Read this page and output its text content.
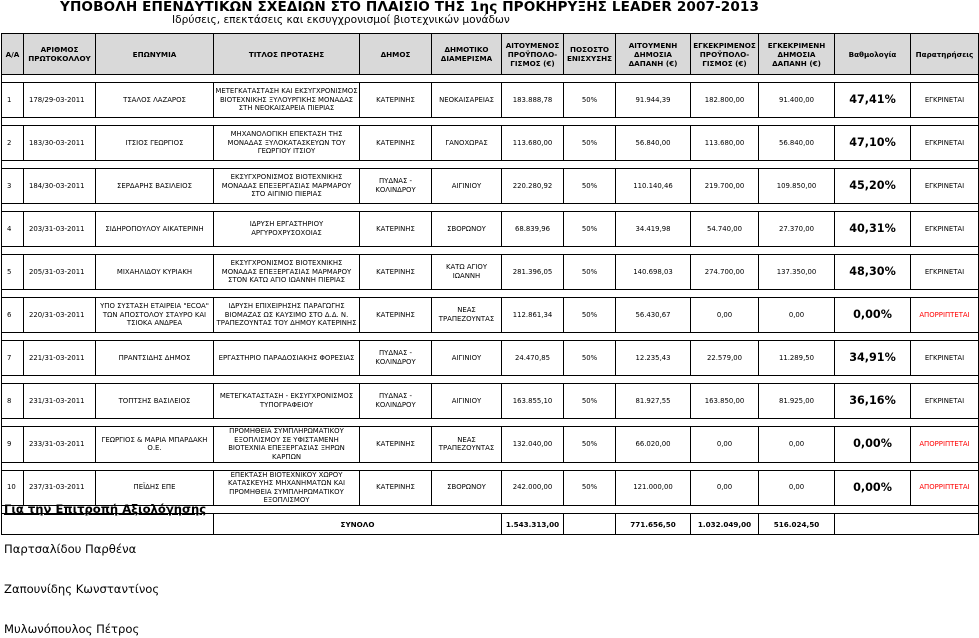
ΥΠΟΒΟΛΗ ΕΠΕΝΔΥΤΙΚΩΝ ΣΧΕΔΙΩΝ ΣΤΟ ΠΛΑΙΣΙΟ ΤΗΣ 1ης ΠΡΟΚΗΡΥΞΗΣ LEADER 2007-2013
Ιδρύσεις, επεκτάσεις και εκσυγχρονισμοί βιοτεχνικών μονάδων
Α/Α	ΑΡΙΘΜΟΣ ΠΡΩΤΟΚΟΛΛΟΥ	ΕΠΩΝΥΜΙΑ	ΤΙΤΛΟΣ ΠΡΟΤΑΣΗΣ	ΔΗΜΟΣ	ΔΗΜΟΤΙΚΟ ΔΙΑΜΕΡΙΣΜΑ	ΑΙΤΟΥΜΕΝΟΣ ΠΡΟΫΠΟΛΟ-ΓΙΣΜΟΣ (€)	ΠΟΣΟΣΤΟ ΕΝΙΣΧΥΣΗΣ	ΑΙΤΟΥΜΕΝΗ ΔΗΜΟΣΙΑ ΔΑΠΑΝΗ (€)	ΕΓΚΕΚΡΙΜΕΝΟΣ ΠΡΟΫΠΟΛΟ-ΓΙΣΜΟΣ (€)	ΕΓΚΕΚΡΙΜΕΝΗ ΔΗΜΟΣΙΑ ΔΑΠΑΝΗ (€)	Βαθμολογία	Παρατηρήσεις

1	178/29-03-2011	ΤΣΑΛΟΣ ΛΑΖΑΡΟΣ	ΜΕΤΕΓΚΑΤΑΣΤΑΣΗ ΚΑΙ ΕΚΣΥΓΧΡΟΝΙΣΜΟΣ ΒΙΟΤΕΧΝΙΚΗΣ ΞΥΛΟΥΡΓΙΚΗΣ ΜΟΝΑΔΑΣ ΣΤΗ ΝΕΟΚΑΙΣΑΡΕΙΑ ΠΙΕΡΙΑΣ	ΚΑΤΕΡΙΝΗΣ	ΝΕΟΚΑΙΣΑΡΕΙΑΣ	183.888,78	50%	91.944,39	182.800,00	91.400,00	47,41%	ΕΓΚΡΙΝΕΤΑΙ

2	183/30-03-2011	ΙΤΣΙΟΣ ΓΕΩΡΓΙΟΣ	ΜΗΧΑΝΟΛΟΓΙΚΗ ΕΠΕΚΤΑΣΗ ΤΗΣ ΜΟΝΑΔΑΣ ΞΥΛΟΚΑΤΑΣΚΕΥΩΝ ΤΟΥ ΓΕΩΡΓΙΟΥ ΙΤΣΙΟΥ	ΚΑΤΕΡΙΝΗΣ	ΓΑΝΟΧΩΡΑΣ	113.680,00	50%	56.840,00	113.680,00	56.840,00	47,10%	ΕΓΚΡΙΝΕΤΑΙ

3	184/30-03-2011	ΣΕΡΔΑΡΗΣ ΒΑΣΙΛΕΙΟΣ	ΕΚΣΥΓΧΡΟΝΙΣΜΟΣ ΒΙΟΤΕΧΝΙΚΗΣ ΜΟΝΑΔΑΣ ΕΠΕΞΕΡΓΑΣΙΑΣ ΜΑΡΜΑΡΟΥ ΣΤΟ ΑΙΓΙΝΙΟ ΠΙΕΡΙΑΣ	ΠΥΔΝΑΣ - ΚΟΛΙΝΔΡΟΥ	ΑΙΓΙΝΙΟΥ	220.280,92	50%	110.140,46	219.700,00	109.850,00	45,20%	ΕΓΚΡΙΝΕΤΑΙ

4	203/31-03-2011	ΣΙΔΗΡΟΠΟΥΛΟΥ ΑΙΚΑΤΕΡΙΝΗ	ΙΔΡΥΣΗ ΕΡΓΑΣΤΗΡΙΟΥ ΑΡΓΥΡΟΧΡΥΣΟΧΟΙΑΣ	ΚΑΤΕΡΙΝΗΣ	ΣΒΟΡΩΝΟΥ	68.839,96	50%	34.419,98	54.740,00	27.370,00	40,31%	ΕΓΚΡΙΝΕΤΑΙ

5	205/31-03-2011	ΜΙΧΑΗΛΙΔΟΥ ΚΥΡΙΑΚΗ	ΕΚΣΥΓΧΡΟΝΙΣΜΟΣ ΒΙΟΤΕΧΝΙΚΗΣ ΜΟΝΑΔΑΣ ΕΠΕΞΕΡΓΑΣΙΑΣ ΜΑΡΜΑΡΟΥ ΣΤΟΝ ΚΑΤΩ ΑΓΙΟ ΙΩΑΝΝΗ ΠΙΕΡΙΑΣ	ΚΑΤΕΡΙΝΗΣ	ΚΑΤΩ ΑΓΙΟΥ ΙΩΑΝΝΗ	281.396,05	50%	140.698,03	274.700,00	137.350,00	48,30%	ΕΓΚΡΙΝΕΤΑΙ

6	220/31-03-2011	ΥΠΟ ΣΥΣΤΑΣΗ ΕΤΑΙΡΕΙΑ "ECOA" ΤΩΝ ΑΠΟΣΤΟΛΟΥ ΣΤΑΥΡΟ ΚΑΙ ΤΣΙΟΚΑ ΑΝΔΡΕΑ	ΙΔΡΥΣΗ ΕΠΙΧΕΙΡΗΣΗΣ ΠΑΡΑΓΩΓΗΣ ΒΙΟΜΑΖΑΣ ΩΣ ΚΑΥΣΙΜΟ ΣΤΟ Δ.Δ. Ν. ΤΡΑΠΕΖΟΥΝΤΑΣ ΤΟΥ ΔΗΜΟΥ ΚΑΤΕΡΙΝΗΣ	ΚΑΤΕΡΙΝΗΣ	ΝΕΑΣ ΤΡΑΠΕΖΟΥΝΤΑΣ	112.861,34	50%	56.430,67	0,00	0,00	0,00%	ΑΠΟΡΡΙΠΤΕΤΑΙ

7	221/31-03-2011	ΠΡΑΝΤΣΙΔΗΣ ΔΗΜΟΣ	ΕΡΓΑΣΤΗΡΙΟ ΠΑΡΑΔΟΣΙΑΚΗΣ ΦΟΡΕΣΙΑΣ	ΠΥΔΝΑΣ - ΚΟΛΙΝΔΡΟΥ	ΑΙΓΙΝΙΟΥ	24.470,85	50%	12.235,43	22.579,00	11.289,50	34,91%	ΕΓΚΡΙΝΕΤΑΙ

8	231/31-03-2011	ΤΟΠΤΣΗΣ ΒΑΣΙΛΕΙΟΣ	ΜΕΤΕΓΚΑΤΑΣΤΑΣΗ - ΕΚΣΥΓΧΡΟΝΙΣΜΟΣ ΤΥΠΟΓΡΑΦΕΙΟΥ	ΠΥΔΝΑΣ - ΚΟΛΙΝΔΡΟΥ	ΑΙΓΙΝΙΟΥ	163.855,10	50%	81.927,55	163.850,00	81.925,00	36,16%	ΕΓΚΡΙΝΕΤΑΙ

9	233/31-03-2011	ΓΕΩΡΓΙΟΣ & ΜΑΡΙΑ ΜΠΑΡΔΑΚΗ Ο.Ε.	ΠΡΟΜΗΘΕΙΑ ΣΥΜΠΛΗΡΩΜΑΤΙΚΟΥ ΕΞΟΠΛΙΣΜΟΥ ΣΕ ΥΦΙΣΤΑΜΕΝΗ ΒΙΟΤΕΧΝΙΑ ΕΠΕΞΕΡΓΑΣΙΑΣ ΞΗΡΩΝ ΚΑΡΠΩΝ	ΚΑΤΕΡΙΝΗΣ	ΝΕΑΣ ΤΡΑΠΕΖΟΥΝΤΑΣ	132.040,00	50%	66.020,00	0,00	0,00	0,00%	ΑΠΟΡΡΙΠΤΕΤΑΙ

10	237/31-03-2011	ΠΕΪΔΗΣ ΕΠΕ	ΕΠΕΚΤΑΣΗ ΒΙΟΤΕΧΝΙΚΟΥ ΧΩΡΟΥ ΚΑΤΑΣΚΕΥΗΣ ΜΗΧΑΝΗΜΑΤΩΝ ΚΑΙ ΠΡΟΜΗΘΕΙΑ ΣΥΜΠΛΗΡΩΜΑΤΙΚΟΥ ΕΞΟΠΛΙΣΜΟΥ	ΚΑΤΕΡΙΝΗΣ	ΣΒΟΡΩΝΟΥ	242.000,00	50%	121.000,00	0,00	0,00	0,00%	ΑΠΟΡΡΙΠΤΕΤΑΙ

			ΣΥΝΟΛΟ			1.543.313,00		771.656,50	1.032.049,00	516.024,50		
Για την Επιτροπή Αξιολόγησης
Παρτσαλίδου Παρθένα
Ζαπουνίδης Κωνσταντίνος
Μυλωνόπουλος Πέτρος
